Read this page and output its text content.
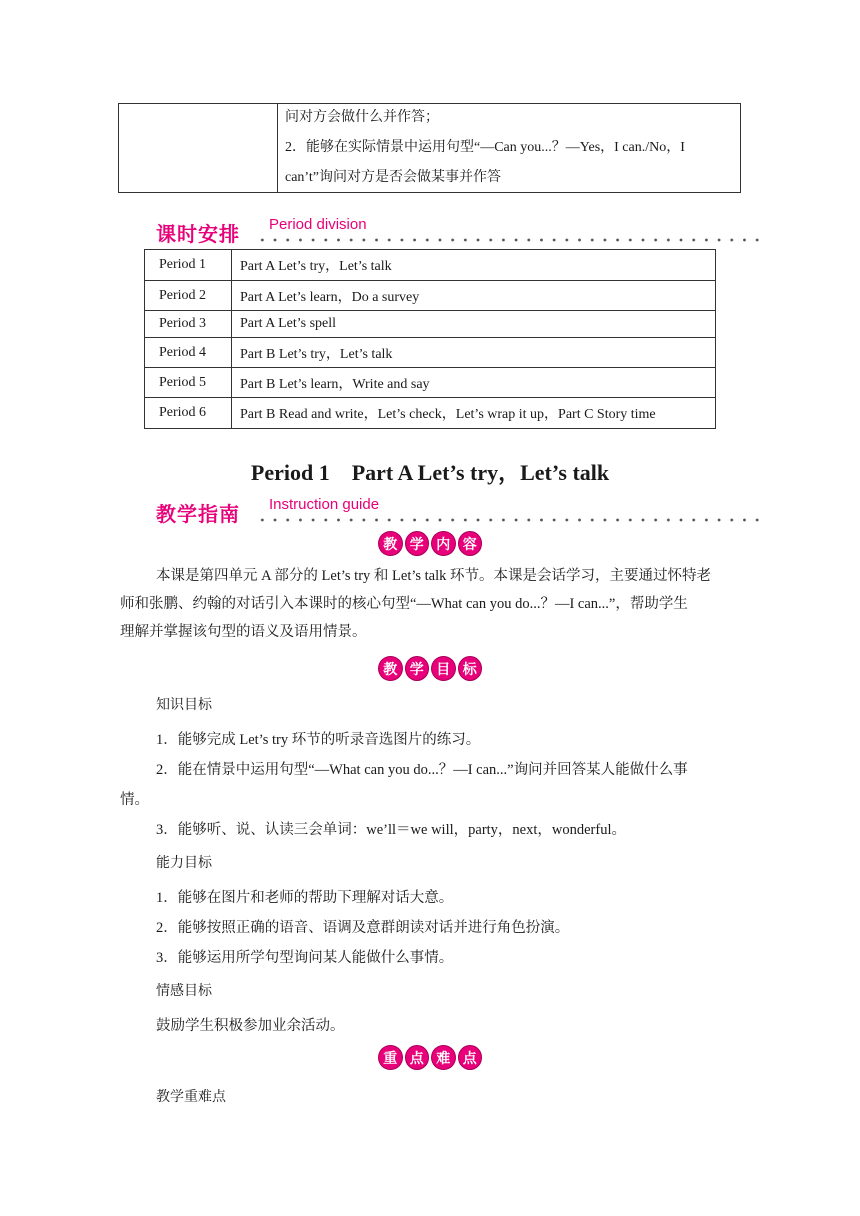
问对方会做什么并作答；
2．能够在实际情景中运用句型“—Can you...？—Yes，I can./No，I
can’t”询问对方是否会做某事并作答
课时安排 Period division
Period 1	Part A Let’s try，Let’s talk
Period 2	Part A Let’s learn，Do a survey
Period 3	Part A Let’s spell
Period 4	Part B Let’s try，Let’s talk
Period 5	Part B Let’s learn，Write and say
Period 6	Part B Read and write，Let’s check，Let’s wrap it up，Part C Story time
Period 1　Part A Let’s try，Let’s talk
教学指南 Instruction guide
教 学 内 容

本课是第四单元 A 部分的 Let’s try 和 Let’s talk 环节。本课是会话学习，主要通过怀特老

师和张鹏、约翰的对话引入本课时的核心句型“—What can you do...？—I can...”，帮助学生

理解并掌握该句型的语义及语用情景。

教 学 目 标
知识目标
1．能够完成 Let’s try 环节的听录音选图片的练习。
2．能在情景中运用句型“—What can you do...？—I can...”询问并回答某人能做什么事
情。
3．能够听、说、认读三会单词：we’ll＝we will，party，next，wonderful。
能力目标
1．能够在图片和老师的帮助下理解对话大意。
2．能够按照正确的语音、语调及意群朗读对话并进行角色扮演。
3．能够运用所学句型询问某人能做什么事情。
情感目标
鼓励学生积极参加业余活动。
重 点 难 点
教学重难点
